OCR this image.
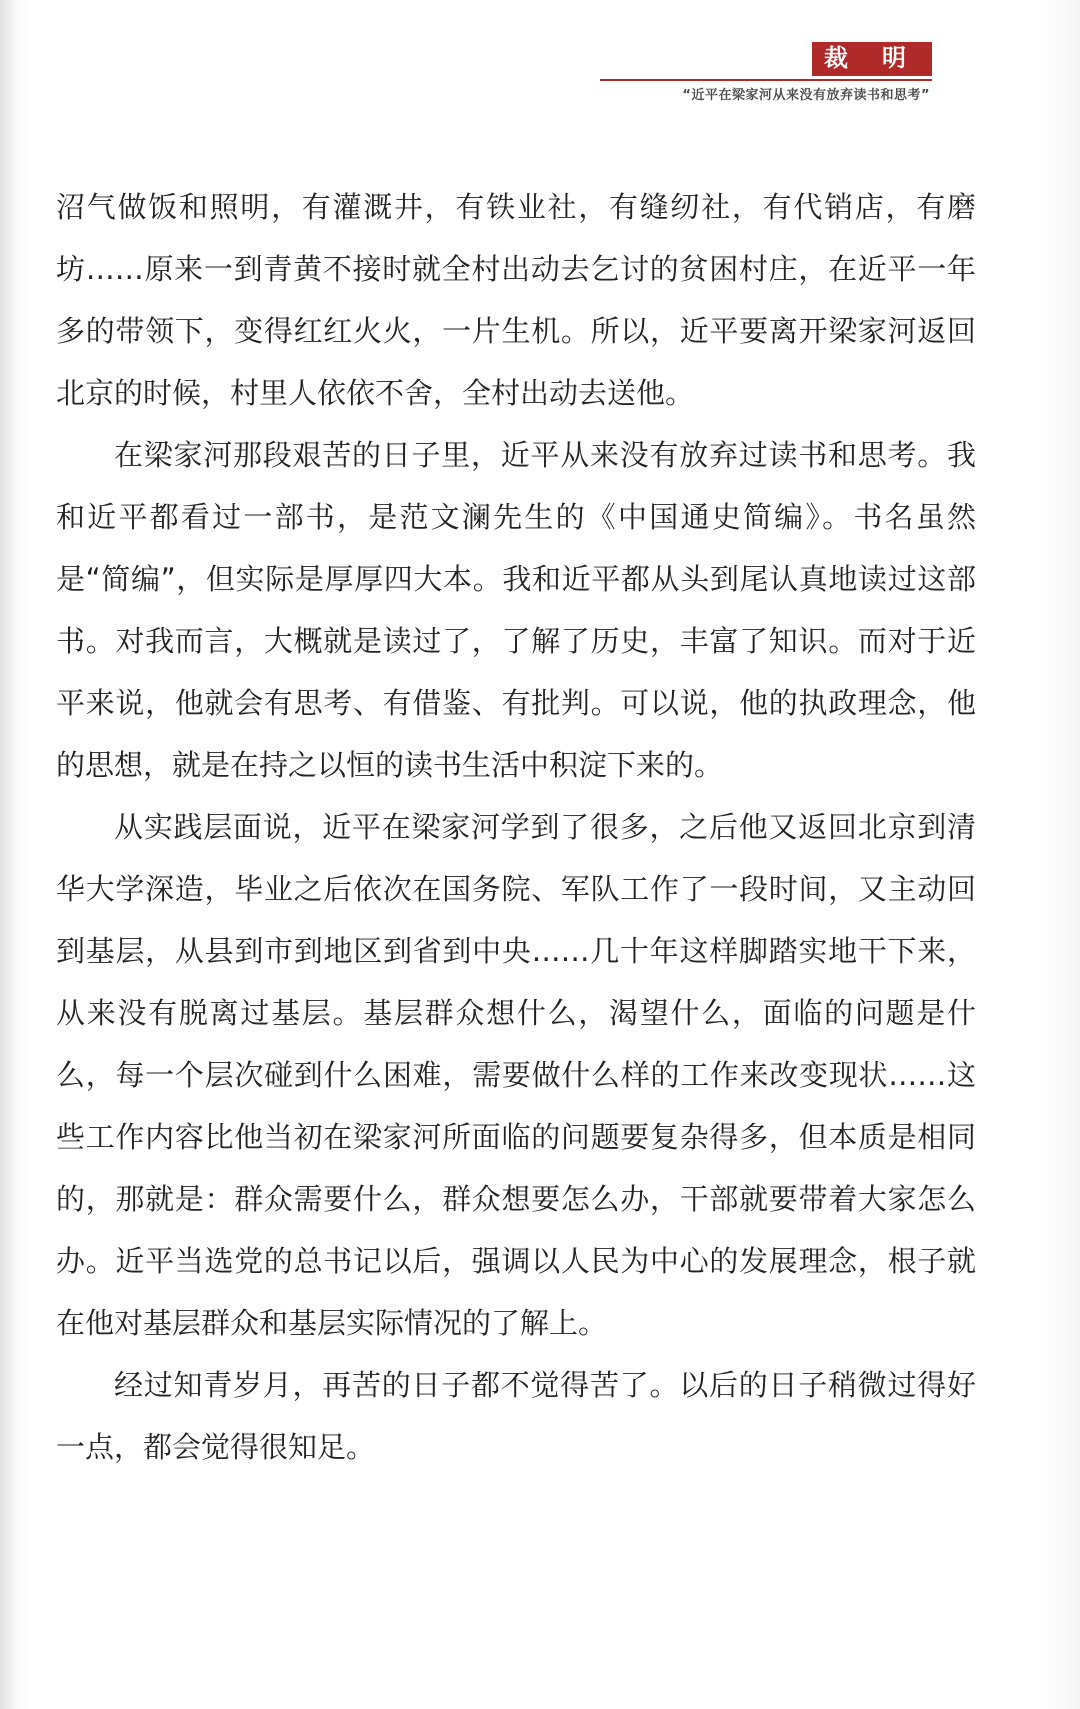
裁 明
“近平在梁家河从来没有放弃读书和思考”

沼气做饭和照明，有灌溉井，有铁业社，有缝纫社，有代销店，有磨坊……原来一到青黄不接时就全村出动去乞讨的贫困村庄，在近平一年多的带领下，变得红红火火，一片生机。所以，近平要离开梁家河返回北京的时候，村里人依依不舍，全村出动去送他。

在梁家河那段艰苦的日子里，近平从来没有放弃过读书和思考。我和近平都看过一部书，是范文澜先生的《中国通史简编》。书名虽然是“简编”，但实际是厚厚四大本。我和近平都从头到尾认真地读过这部书。对我而言，大概就是读过了，了解了历史，丰富了知识。而对于近平来说，他就会有思考、有借鉴、有批判。可以说，他的执政理念，他的思想，就是在持之以恒的读书生活中积淀下来的。

从实践层面说，近平在梁家河学到了很多，之后他又返回北京到清华大学深造，毕业之后依次在国务院、军队工作了一段时间，又主动回到基层，从县到市到地区到省到中央……几十年这样脚踏实地干下来，从来没有脱离过基层。基层群众想什么，渴望什么，面临的问题是什么，每一个层次碰到什么困难，需要做什么样的工作来改变现状……这些工作内容比他当初在梁家河所面临的问题要复杂得多，但本质是相同的，那就是：群众需要什么，群众想要怎么办，干部就要带着大家怎么办。近平当选党的总书记以后，强调以人民为中心的发展理念，根子就在他对基层群众和基层实际情况的了解上。

经过知青岁月，再苦的日子都不觉得苦了。以后的日子稍微过得好一点，都会觉得很知足。
